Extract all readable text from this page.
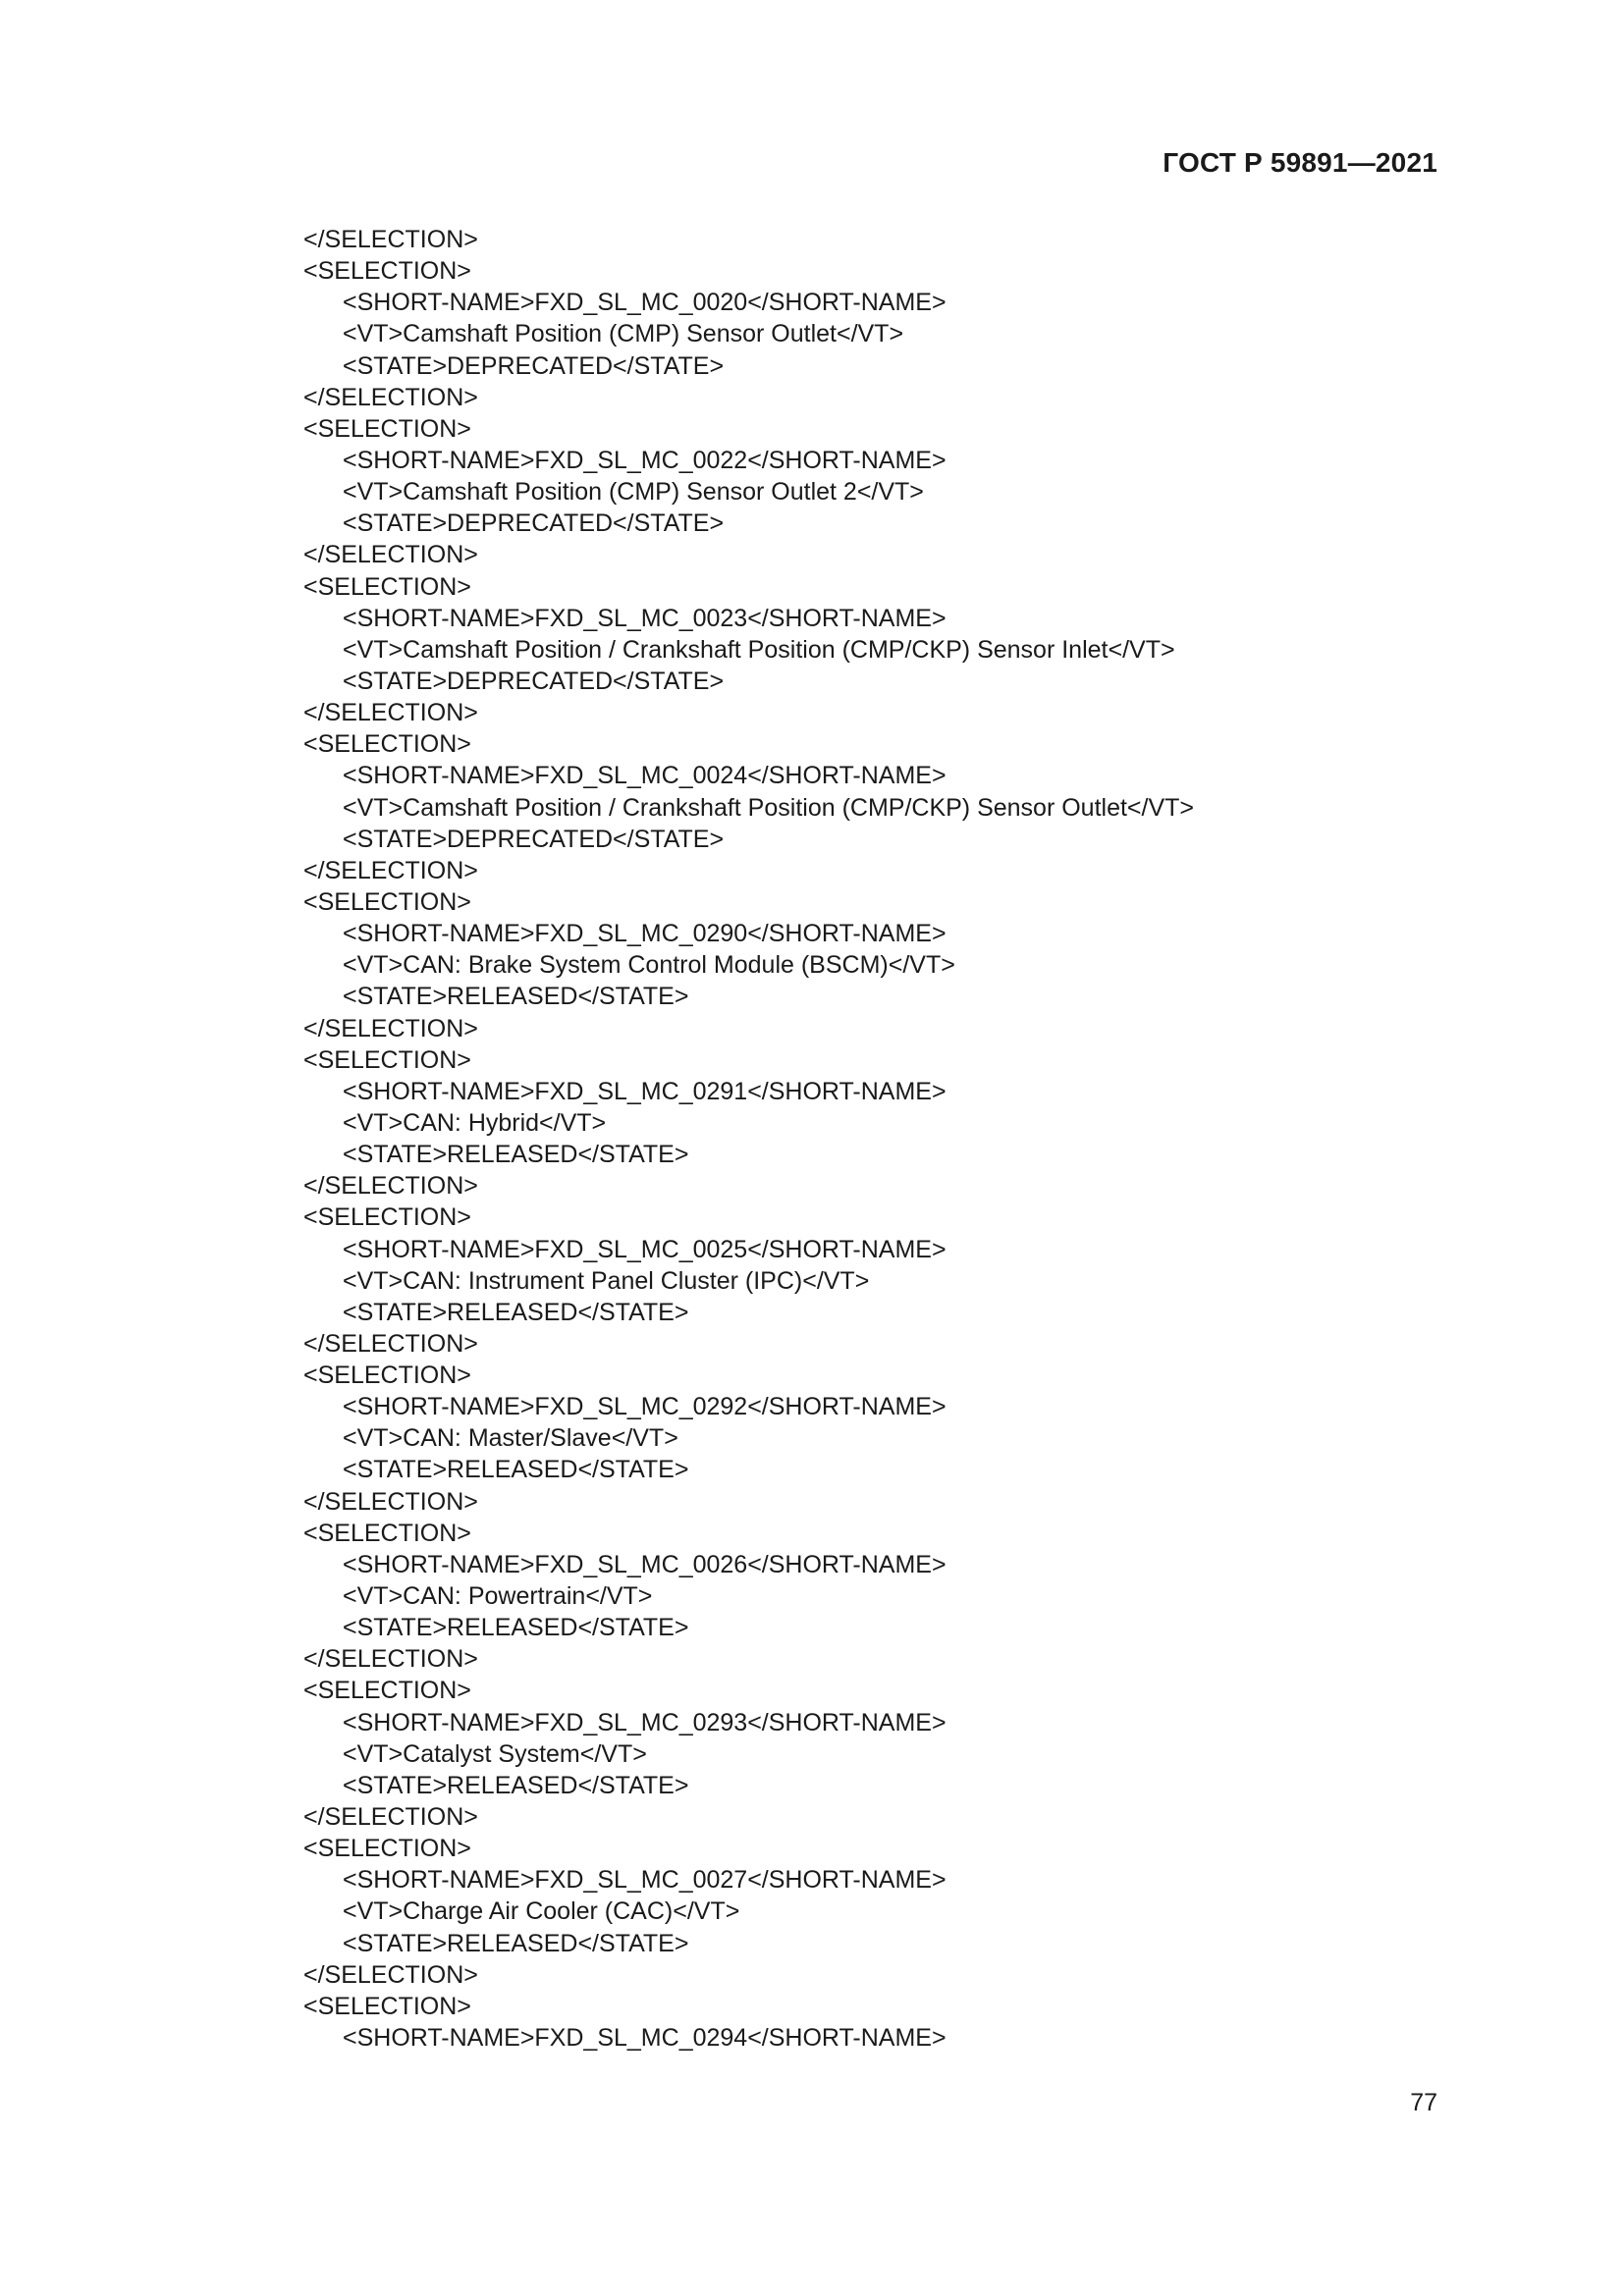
ГОСТ Р 59891—2021
</SELECTION>
<SELECTION>
<SHORT-NAME>FXD_SL_MC_0020</SHORT-NAME>
<VT>Camshaft Position (CMP) Sensor Outlet</VT>
<STATE>DEPRECATED</STATE>
</SELECTION>
<SELECTION>
<SHORT-NAME>FXD_SL_MC_0022</SHORT-NAME>
<VT>Camshaft Position (CMP) Sensor Outlet 2</VT>
<STATE>DEPRECATED</STATE>
</SELECTION>
<SELECTION>
<SHORT-NAME>FXD_SL_MC_0023</SHORT-NAME>
<VT>Camshaft Position / Crankshaft Position (CMP/CKP) Sensor Inlet</VT>
<STATE>DEPRECATED</STATE>
</SELECTION>
<SELECTION>
<SHORT-NAME>FXD_SL_MC_0024</SHORT-NAME>
<VT>Camshaft Position / Crankshaft Position (CMP/CKP) Sensor Outlet</VT>
<STATE>DEPRECATED</STATE>
</SELECTION>
<SELECTION>
<SHORT-NAME>FXD_SL_MC_0290</SHORT-NAME>
<VT>CAN: Brake System Control Module (BSCM)</VT>
<STATE>RELEASED</STATE>
</SELECTION>
<SELECTION>
<SHORT-NAME>FXD_SL_MC_0291</SHORT-NAME>
<VT>CAN: Hybrid</VT>
<STATE>RELEASED</STATE>
</SELECTION>
<SELECTION>
<SHORT-NAME>FXD_SL_MC_0025</SHORT-NAME>
<VT>CAN: Instrument Panel Cluster (IPC)</VT>
<STATE>RELEASED</STATE>
</SELECTION>
<SELECTION>
<SHORT-NAME>FXD_SL_MC_0292</SHORT-NAME>
<VT>CAN: Master/Slave</VT>
<STATE>RELEASED</STATE>
</SELECTION>
<SELECTION>
<SHORT-NAME>FXD_SL_MC_0026</SHORT-NAME>
<VT>CAN: Powertrain</VT>
<STATE>RELEASED</STATE>
</SELECTION>
<SELECTION>
<SHORT-NAME>FXD_SL_MC_0293</SHORT-NAME>
<VT>Catalyst System</VT>
<STATE>RELEASED</STATE>
</SELECTION>
<SELECTION>
<SHORT-NAME>FXD_SL_MC_0027</SHORT-NAME>
<VT>Charge Air Cooler (CAC)</VT>
<STATE>RELEASED</STATE>
</SELECTION>
<SELECTION>
<SHORT-NAME>FXD_SL_MC_0294</SHORT-NAME>
77
